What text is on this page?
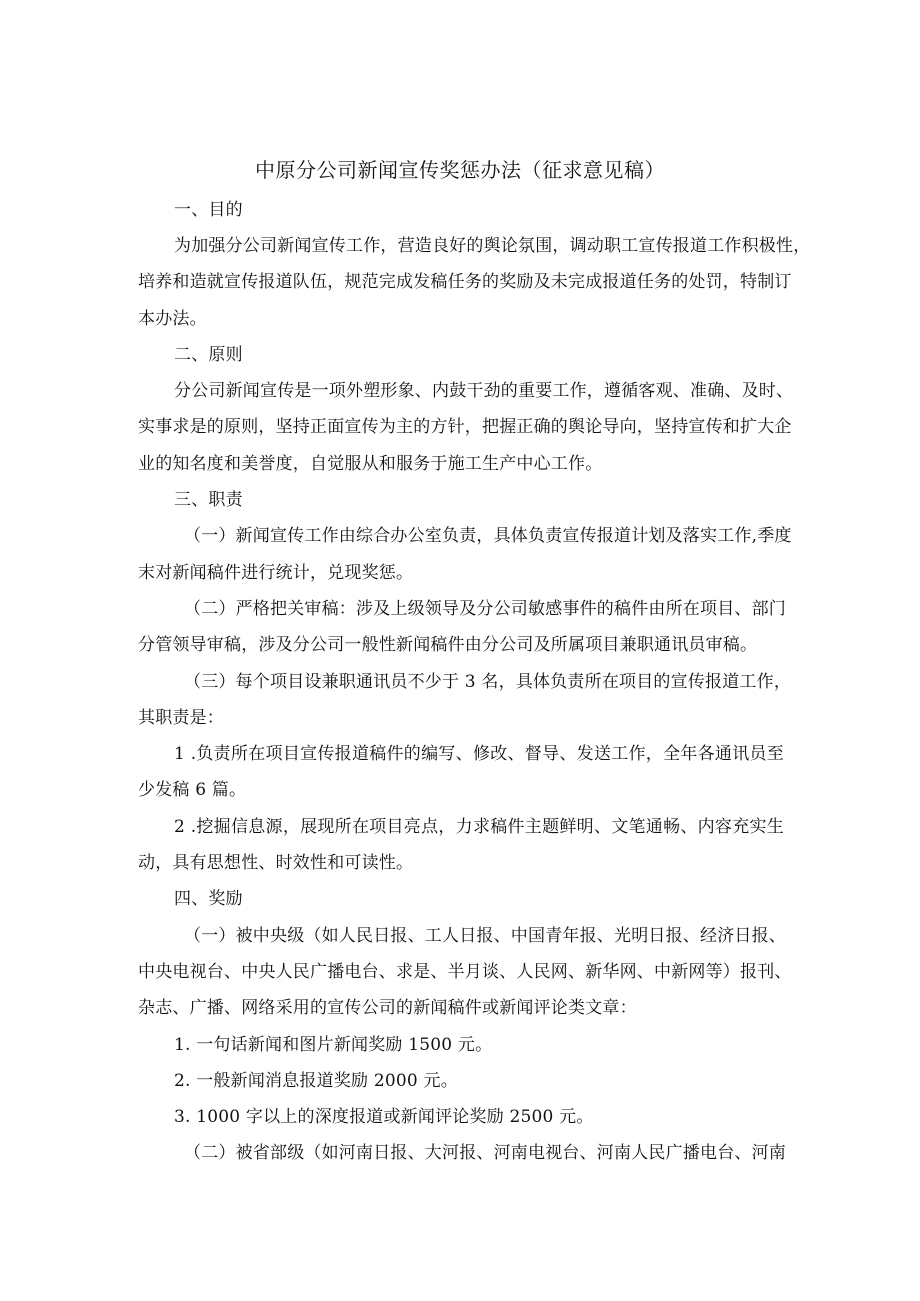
中原分公司新闻宣传奖惩办法（征求意见稿）
一、目的
为加强分公司新闻宣传工作，营造良好的舆论氛围，调动职工宣传报道工作积极性，
培养和造就宣传报道队伍，规范完成发稿任务的奖励及未完成报道任务的处罚，特制订
本办法。
二、原则
分公司新闻宣传是一项外塑形象、内鼓干劲的重要工作，遵循客观、准确、及时、
实事求是的原则，坚持正面宣传为主的方针，把握正确的舆论导向，坚持宣传和扩大企
业的知名度和美誉度，自觉服从和服务于施工生产中心工作。
三、职责
（一）新闻宣传工作由综合办公室负责，具体负责宣传报道计划及落实工作,季度
末对新闻稿件进行统计，兑现奖惩。
（二）严格把关审稿：涉及上级领导及分公司敏感事件的稿件由所在项目、部门
分管领导审稿，涉及分公司一般性新闻稿件由分公司及所属项目兼职通讯员审稿。
（三）每个项目设兼职通讯员不少于 3 名，具体负责所在项目的宣传报道工作，
其职责是：
1 .负责所在项目宣传报道稿件的编写、修改、督导、发送工作，全年各通讯员至
少发稿 6 篇。
2 .挖掘信息源，展现所在项目亮点，力求稿件主题鲜明、文笔通畅、内容充实生
动，具有思想性、时效性和可读性。
四、奖励
（一）被中央级（如人民日报、工人日报、中国青年报、光明日报、经济日报、
中央电视台、中央人民广播电台、求是、半月谈、人民网、新华网、中新网等）报刊、
杂志、广播、网络采用的宣传公司的新闻稿件或新闻评论类文章：
1. 一句话新闻和图片新闻奖励 1500 元。
2. 一般新闻消息报道奖励 2000 元。
3. 1000 字以上的深度报道或新闻评论奖励 2500 元。
（二）被省部级（如河南日报、大河报、河南电视台、河南人民广播电台、河南
